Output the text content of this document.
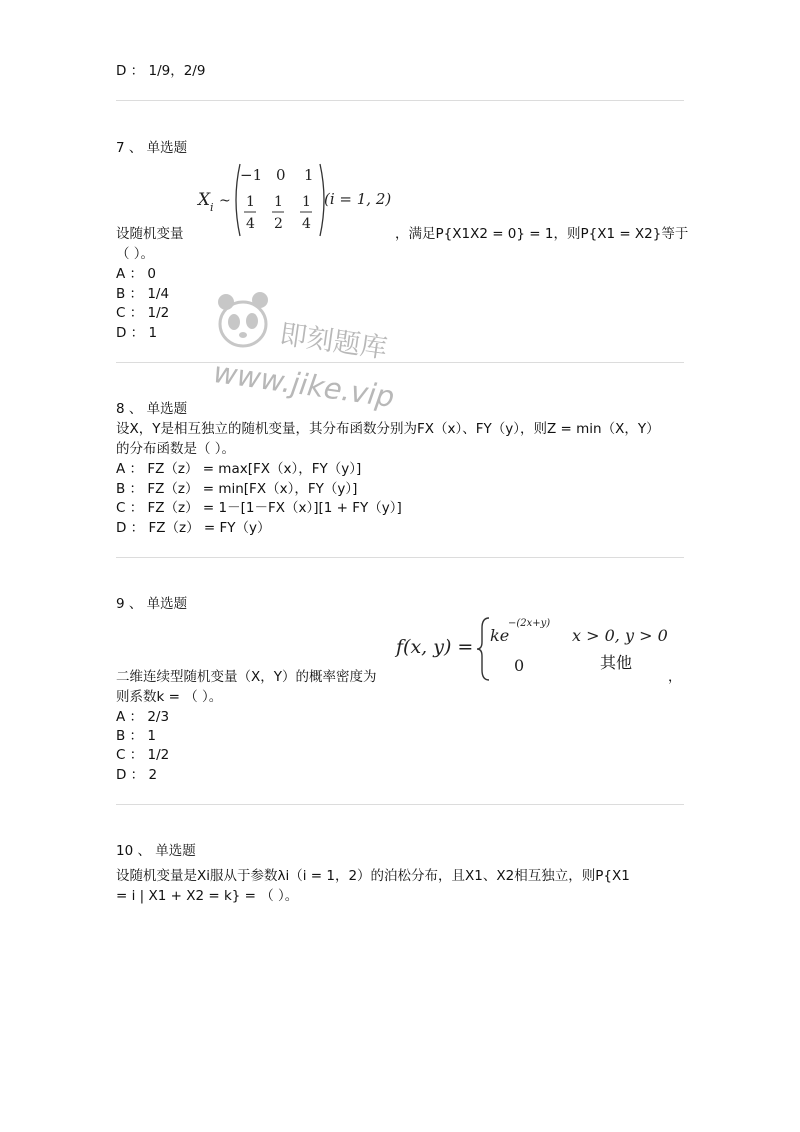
D ： 1/9，2/9
7 、 单选题
X i ~
−1 0 1
1 1 1
4 2 4
(i = 1, 2)
设随机变量	，满足P{X1X2 = 0} = 1，则P{X1 = X2}等于
（ ）。
A ： 0
B ： 1/4
C ： 1/2
D ： 1
8 、 单选题
设X，Y是相互独立的随机变量，其分布函数分别为FX（x）、FY（y），则Z = min（X，Y）
的分布函数是（ ）。
A ： FZ（z） = max[FX（x），FY（y）]
B ： FZ（z） = min[FX（x），FY（y）]
C ： FZ（z） = 1－[1－FX（x）][1 + FY（y）]
D ： FZ（z） = FY（y）
9 、 单选题
f(x, y) =
ke
−(2x+y)
x > 0, y > 0
0	其他
二维连续型随机变量（X，Y）的概率密度为	，
则系数k = （ ）。
A ： 2/3
B ： 1
C ： 1/2
D ： 2
10 、 单选题
设随机变量是Xi服从于参数λi（i = 1，2）的泊松分布，且X1、X2相互独立，则P{X1
= i | X1 + X2 = k} = （ ）。
即刻题库
www.jike.vip
